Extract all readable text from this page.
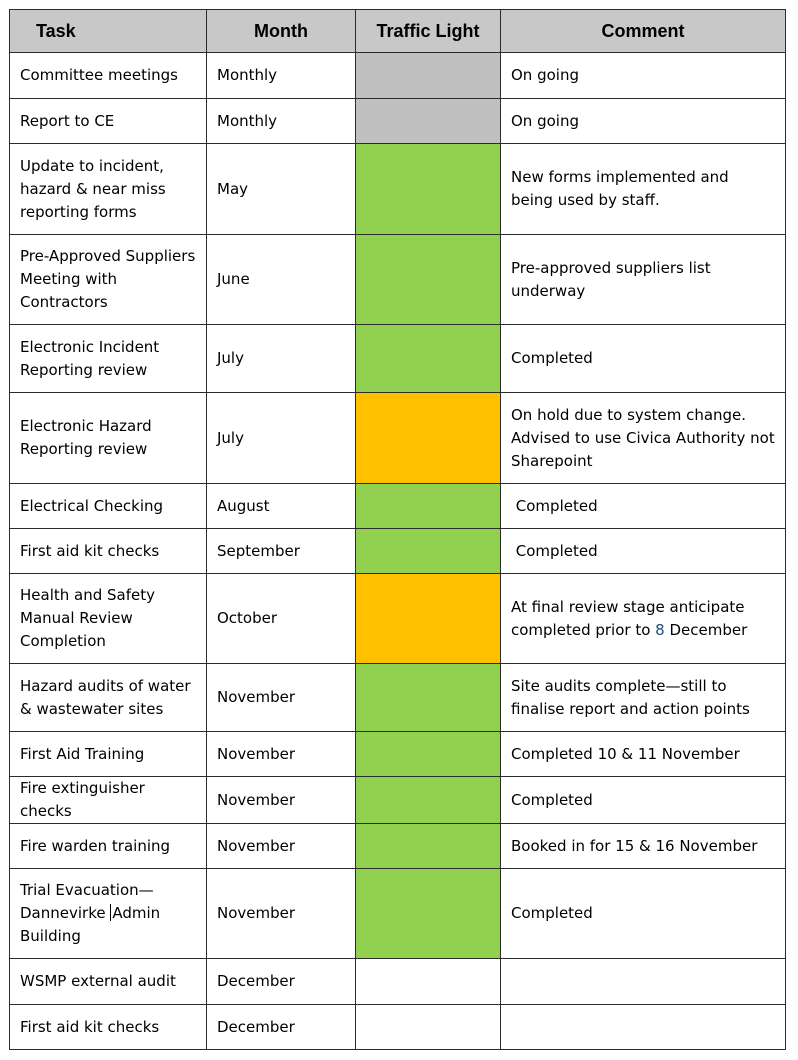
Task	Month	Traffic Light	Comment
Committee meetings	Monthly		On going
Report to CE	Monthly		On going
Update to incident, hazard & near miss reporting forms	May		New forms implemented and being used by staff.
Pre-Approved Suppliers Meeting with Contractors	June		Pre-approved suppliers list underway
Electronic Incident Reporting review	July		Completed
Electronic Hazard Reporting review	July		On hold due to system change. Advised to use Civica Authority not Sharepoint
Electrical Checking	August		Completed
First aid kit checks	September		Completed
Health and Safety Manual Review Completion	October		At final review stage anticipate completed prior to 8 December
Hazard audits of water & wastewater sites	November		Site audits complete—still to finalise report and action points
First Aid Training	November		Completed 10 & 11 November
Fire extinguisher checks	November		Completed
Fire warden training	November		Booked in for 15 & 16 November
Trial Evacuation—Dannevirke Admin Building	November		Completed
WSMP external audit	December		
First aid kit checks	December		
